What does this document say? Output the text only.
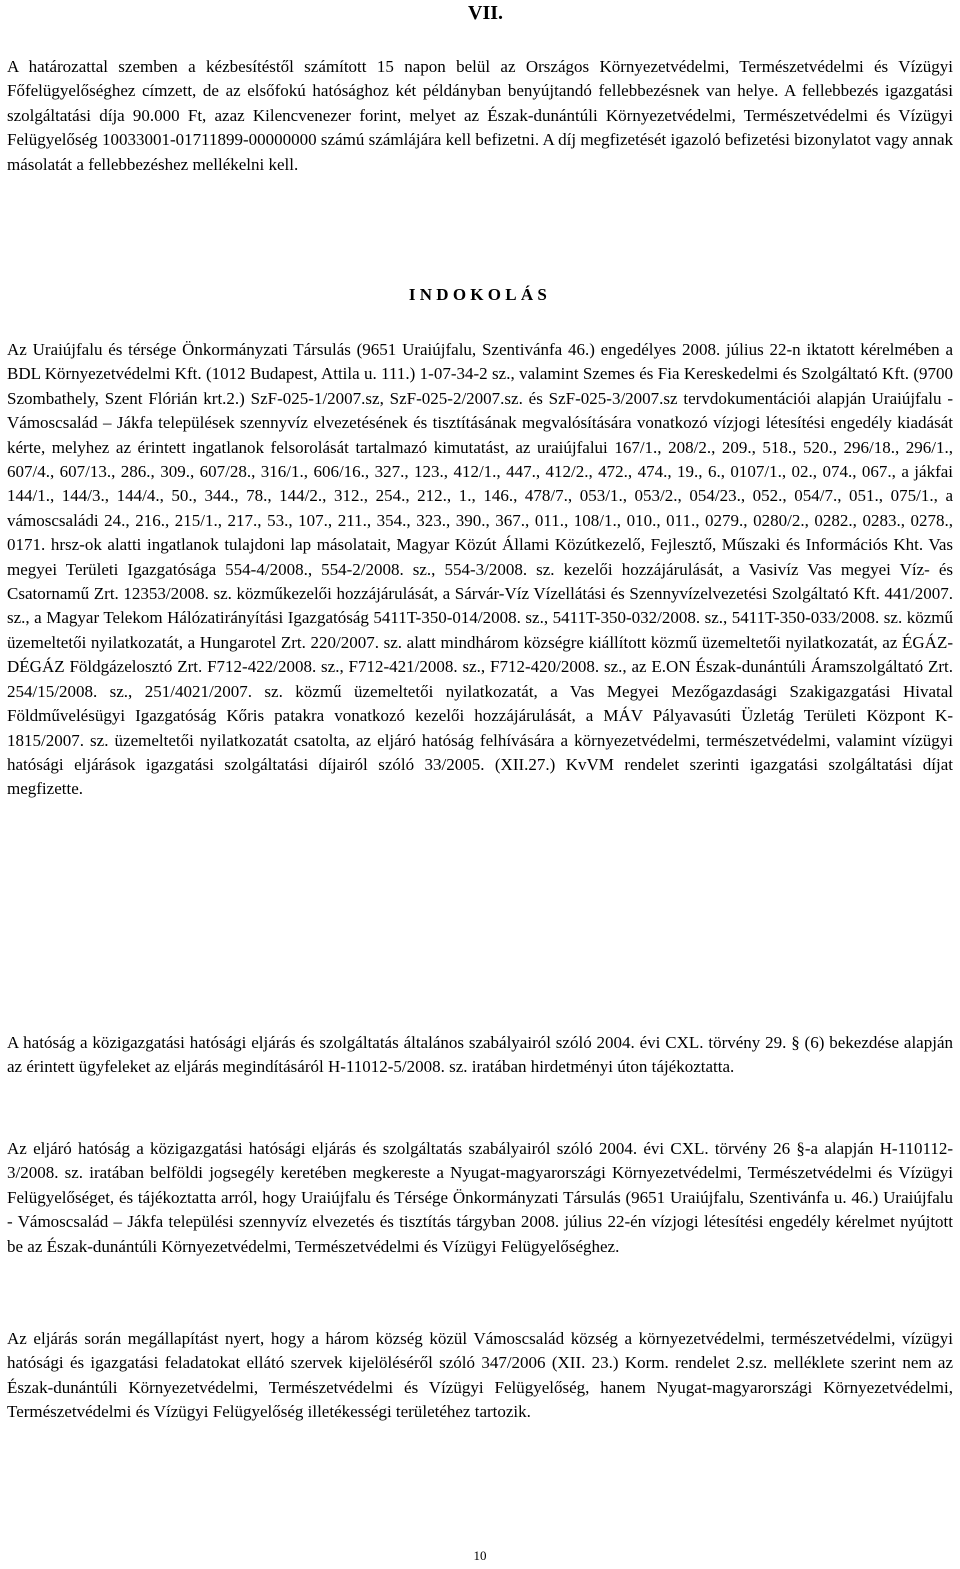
VII.

A határozattal szemben a kézbesítéstől számított 15 napon belül az Országos Környezetvédelmi, Természetvédelmi és Vízügyi Főfelügyelőséghez címzett, de az elsőfokú hatósághoz két példányban benyújtandó fellebbezésnek van helye. A fellebbezés igazgatási szolgáltatási díja 90.000 Ft, azaz Kilencvenezer forint, melyet az Észak-dunántúli Környezetvédelmi, Természetvédelmi és Vízügyi Felügyelőség 10033001-01711899-00000000 számú számlájára kell befizetni. A díj megfizetését igazoló befizetési bizonylatot vagy annak másolatát a fellebbezéshez mellékelni kell.

INDOKOLÁS

Az Uraiújfalu és térsége Önkormányzati Társulás (9651 Uraiújfalu, Szentivánfa 46.) engedélyes 2008. július 22-n iktatott kérelmében a BDL Környezetvédelmi Kft. (1012 Budapest, Attila u. 111.) 1-07-34-2 sz., valamint Szemes és Fia Kereskedelmi és Szolgáltató Kft. (9700 Szombathely, Szent Flórián krt.2.) SzF-025-1/2007.sz, SzF-025-2/2007.sz. és SzF-025-3/2007.sz tervdokumentációi alapján Uraiújfalu -Vámoscsalád – Jákfa települések szennyvíz elvezetésének és tisztításának megvalósítására vonatkozó vízjogi létesítési engedély kiadását kérte, melyhez az érintett ingatlanok felsorolását tartalmazó kimutatást, az uraiújfalui 167/1., 208/2., 209., 518., 520., 296/18., 296/1., 607/4., 607/13., 286., 309., 607/28., 316/1., 606/16., 327., 123., 412/1., 447., 412/2., 472., 474., 19., 6., 0107/1., 02., 074., 067., a jákfai 144/1., 144/3., 144/4., 50., 344., 78., 144/2., 312., 254., 212., 1., 146., 478/7., 053/1., 053/2., 054/23., 052., 054/7., 051., 075/1., a vámoscsaládi 24., 216., 215/1., 217., 53., 107., 211., 354., 323., 390., 367., 011., 108/1., 010., 011., 0279., 0280/2., 0282., 0283., 0278., 0171. hrsz-ok alatti ingatlanok tulajdoni lap másolatait, Magyar Közút Állami Közútkezelő, Fejlesztő, Műszaki és Információs Kht. Vas megyei Területi Igazgatósága 554-4/2008., 554-2/2008. sz., 554-3/2008. sz. kezelői hozzájárulását, a Vasivíz Vas megyei Víz- és Csatornamű Zrt. 12353/2008. sz. közműkezelői hozzájárulását, a Sárvár-Víz Vízellátási és Szennyvízelvezetési Szolgáltató Kft. 441/2007. sz., a Magyar Telekom Hálózatirányítási Igazgatóság 5411T-350-014/2008. sz., 5411T-350-032/2008. sz., 5411T-350-033/2008. sz. közmű üzemeltetői nyilatkozatát, a Hungarotel Zrt. 220/2007. sz. alatt mindhárom községre kiállított közmű üzemeltetői nyilatkozatát, az ÉGÁZ-DÉGÁZ Földgázelosztó Zrt. F712-422/2008. sz., F712-421/2008. sz., F712-420/2008. sz., az E.ON Észak-dunántúli Áramszolgáltató Zrt. 254/15/2008. sz., 251/4021/2007. sz. közmű üzemeltetői nyilatkozatát, a Vas Megyei Mezőgazdasági Szakigazgatási Hivatal Földművelésügyi Igazgatóság Kőris patakra vonatkozó kezelői hozzájárulását, a MÁV Pályavasúti Üzletág Területi Központ K-1815/2007. sz. üzemeltetői nyilatkozatát csatolta, az eljáró hatóság felhívására a környezetvédelmi, természetvédelmi, valamint vízügyi hatósági eljárások igazgatási szolgáltatási díjairól szóló 33/2005. (XII.27.) KvVM rendelet szerinti igazgatási szolgáltatási díjat megfizette.

A hatóság a közigazgatási hatósági eljárás és szolgáltatás általános szabályairól szóló 2004. évi CXL. törvény 29. § (6) bekezdése alapján az érintett ügyfeleket az eljárás megindításáról H-11012-5/2008. sz. iratában hirdetményi úton tájékoztatta.

Az eljáró hatóság a közigazgatási hatósági eljárás és szolgáltatás szabályairól szóló 2004. évi CXL. törvény 26 §-a alapján H-110112-3/2008. sz. iratában belföldi jogsegély keretében megkereste a Nyugat-magyarországi Környezetvédelmi, Természetvédelmi és Vízügyi Felügyelőséget, és tájékoztatta arról, hogy Uraiújfalu és Térsége Önkormányzati Társulás (9651 Uraiújfalu, Szentivánfa u. 46.) Uraiújfalu - Vámoscsalád – Jákfa települési szennyvíz elvezetés és tisztítás tárgyban 2008. július 22-én vízjogi létesítési engedély kérelmet nyújtott be az Észak-dunántúli Környezetvédelmi, Természetvédelmi és Vízügyi Felügyelőséghez.

Az eljárás során megállapítást nyert, hogy a három község közül Vámoscsalád község a környezetvédelmi, természetvédelmi, vízügyi hatósági és igazgatási feladatokat ellátó szervek kijelöléséről szóló 347/2006 (XII. 23.) Korm. rendelet 2.sz. melléklete szerint nem az Észak-dunántúli Környezetvédelmi, Természetvédelmi és Vízügyi Felügyelőség, hanem Nyugat-magyarországi Környezetvédelmi, Természetvédelmi és Vízügyi Felügyelőség illetékességi területéhez tartozik.

10
